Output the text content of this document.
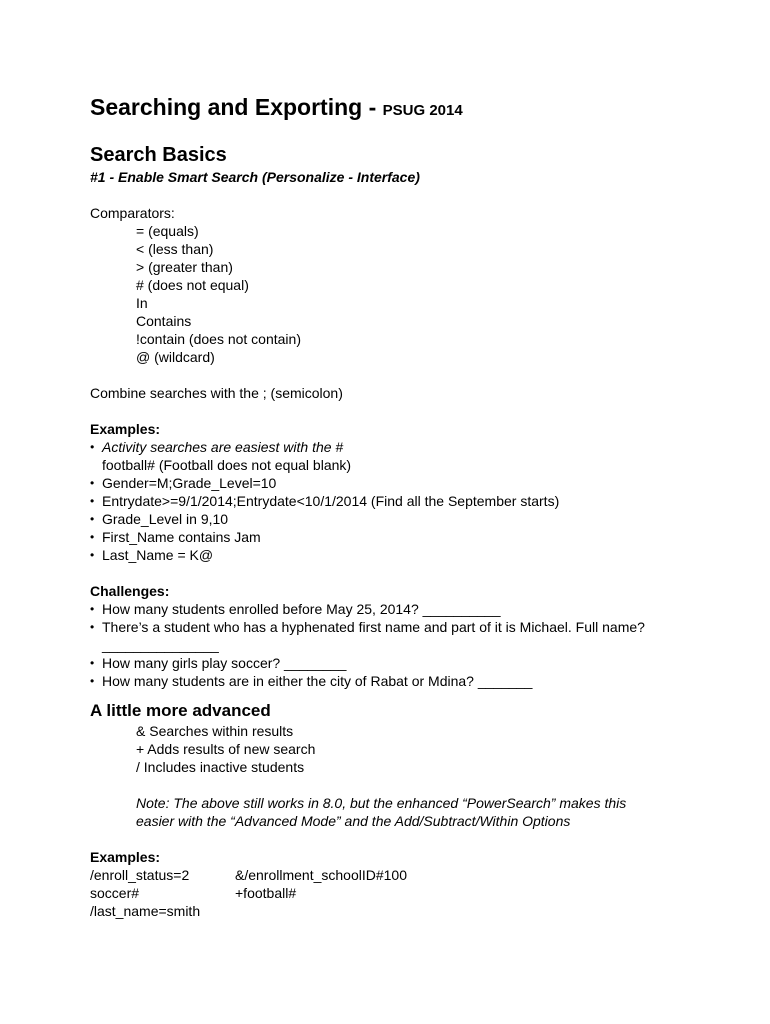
Searching and Exporting - PSUG 2014
Search Basics
#1 - Enable Smart Search (Personalize - Interface)
Comparators:
= (equals)
< (less than)
> (greater than)
# (does not equal)
In
Contains
!contain (does not contain)
@ (wildcard)
Combine searches with the ; (semicolon)
Examples:
• Activity searches are easiest with the #
football# (Football does not equal blank)
• Gender=M;Grade_Level=10
• Entrydate>=9/1/2014;Entrydate<10/1/2014 (Find all the September starts)
• Grade_Level in 9,10
• First_Name contains Jam
• Last_Name = K@
Challenges:
• How many students enrolled before May 25, 2014? __________
• There’s a student who has a hyphenated first name and part of it is Michael. Full name?
_______________
• How many girls play soccer? ________
• How many students are in either the city of Rabat or Mdina? _______
A little more advanced
& Searches within results
+ Adds results of new search
/ Includes inactive students
Note: The above still works in 8.0, but the enhanced “PowerSearch” makes this
easier with the “Advanced Mode” and the Add/Subtract/Within Options
Examples:
/enroll_status=2	&/enrollment_schoolID#100
soccer#	+football#
/last_name=smith
